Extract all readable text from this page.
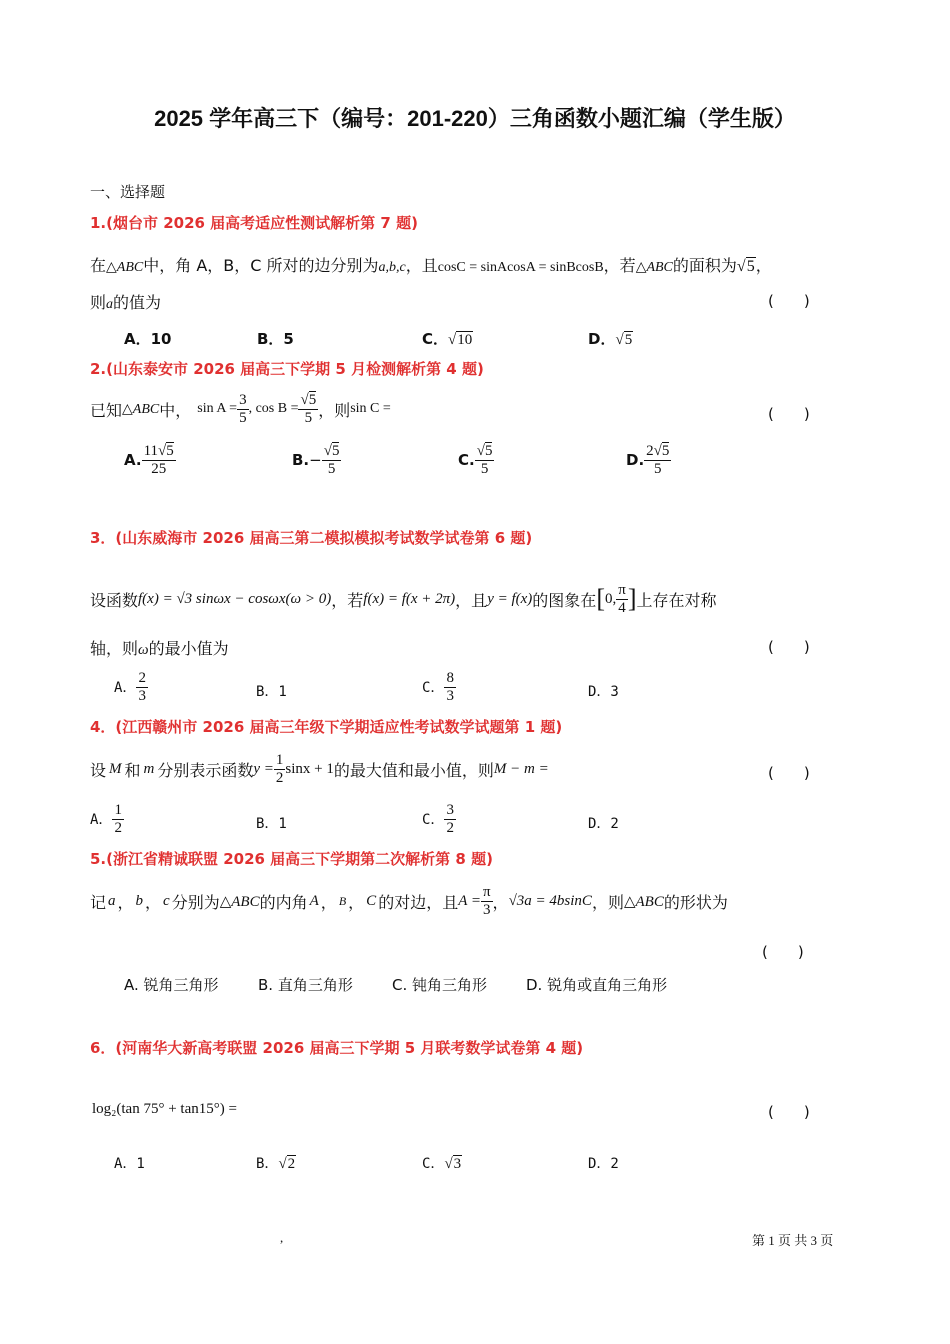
2025 学年高三下（编号：201-220）三角函数小题汇编（学生版）
一、选择题
1.(烟台市 2026 届高考适应性测试解析第 7 题)
在△ABC中，角 A，B，C 所对的边分别为a,b,c，且cosC = sinAcosA = sinBcosB，若△ABC的面积为√5，
则a的值为	(　　)
A．10	B．5	C．√10	D．√5
2.(山东泰安市 2026 届高三下学期 5 月检测解析第 4 题)
已知 △ABC 中， $\sin A = \frac{3}{5}$ , $\cos B = \frac{√5}{5}$ ，则 sin C =	(　　)
A. $\frac{11√5}{25}$	B. − $\frac{√5}{5}$	C. $\frac{√5}{5}$	D. $\frac{2√5}{5}$
3．(山东威海市 2026 届高三第二模拟模拟考试数学试卷第 6 题)
设函数 f(x) = √3 sinωx − cosωx(ω > 0) ，若 f(x) = f(x + 2π) ，且 y = f(x) 的图象在 [ 0, $\frac{\pi}{4}$ ] 上存在对称
轴，则ω的最小值为	(　　)
A． $\frac{2}{3}$	B．1	C． $\frac{8}{3}$	D．3
4．(江西赣州市 2026 届高三年级下学期适应性考试数学试题第 1 题)
设 M 和 m 分别表示函数 $y = \frac{1}{2}$ sinx + 1 的最大值和最小值，则 M − m =	(　　)
A． $\frac{1}{2}$	B．1	C． $\frac{3}{2}$	D．2
5.(浙江省精诚联盟 2026 届高三下学期第二次解析第 8 题)
记 a ， b ， c 分别为 △ABC 的内角 A ， B ， C 的对边，且 $A = \frac{\pi}{3}$ ， √ 3a = 4bsinC ，则 △ABC 的形状为
(　　)
A. 锐角三角形	B. 直角三角形	C. 钝角三角形	D. 锐角或直角三角形
6．(河南华大新高考联盟 2026 届高三下学期 5 月联考数学试卷第 4 题)
log₂(tan 75° + tan15°) =	(　　)
A．1	B．√2	C．√3	D．2
,	第 1 页 共 3 页
